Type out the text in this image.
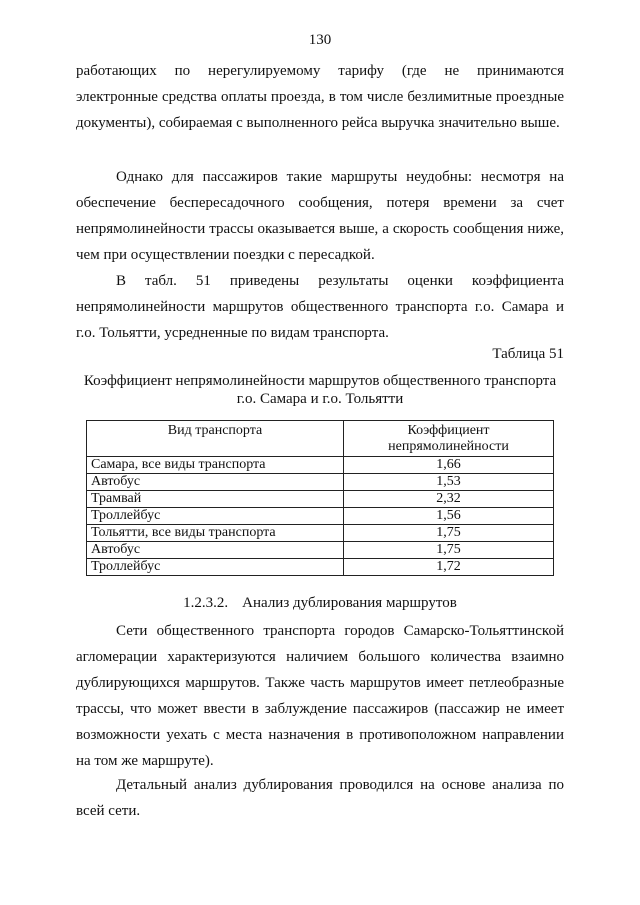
130

работающих по нерегулируемому тарифу (где не принимаются электронные средства оплаты проезда, в том числе безлимитные проездные документы), собираемая с выполненного рейса выручка значительно выше.

Однако для пассажиров такие маршруты неудобны: несмотря на обеспечение беспересадочного сообщения, потеря времени за счет непрямолинейности трассы оказывается выше, а скорость сообщения ниже, чем при осуществлении поездки с пересадкой.

В табл. 51 приведены результаты оценки коэффициента непрямолинейности маршрутов общественного транспорта г.о. Самара и г.о. Тольятти, усредненные по видам транспорта.

Таблица 51
Коэффициент непрямолинейности маршрутов общественного транспорта
г.о. Самара и г.о. Тольятти
Вид транспорта	Коэффициент
непрямолинейности

Самара, все виды транспорта	1,66
Автобус	1,53
Трамвай	2,32
Троллейбус	1,56
Тольятти, все виды транспорта	1,75
Автобус	1,75
Троллейбус	1,72
1.2.3.2. Анализ дублирования маршрутов

Сети общественного транспорта городов Самарско-Тольяттинской агломерации характеризуются наличием большого количества взаимно дублирующихся маршрутов. Также часть маршрутов имеет петлеобразные трассы, что может ввести в заблуждение пассажиров (пассажир не имеет возможности уехать с места назначения в противоположном направлении на том же маршруте).

Детальный анализ дублирования проводился на основе анализа по всей сети.
